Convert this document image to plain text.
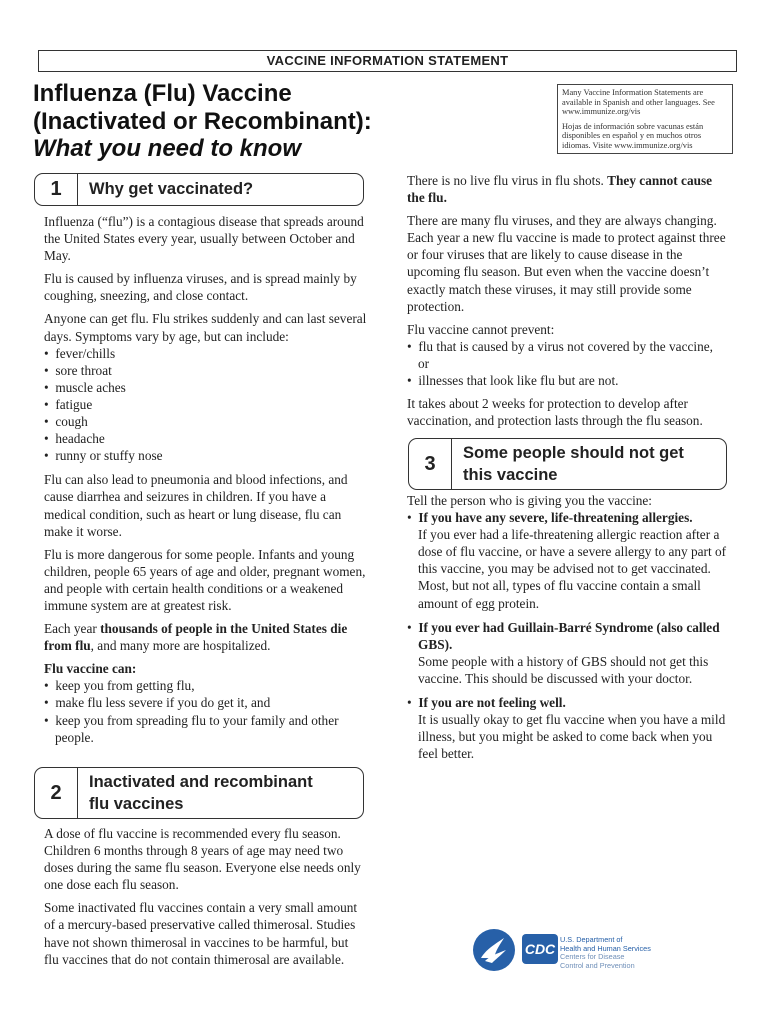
VACCINE INFORMATION STATEMENT
Influenza (Flu) Vaccine
(Inactivated or Recombinant):
What you need to know

Many Vaccine Information Statements are available in Spanish and other languages. See www.immunize.org/vis

Hojas de información sobre vacunas están disponibles en español y en muchos otros idiomas. Visite www.immunize.org/vis

1	Why get vaccinated?

Influenza (“flu”) is a contagious disease that spreads around the United States every year, usually between October and May.

Flu is caused by influenza viruses, and is spread mainly by coughing, sneezing, and close contact.

Anyone can get flu. Flu strikes suddenly and can last several days. Symptoms vary by age, but can include:

•  fever/chills
•  sore throat
•  muscle aches
•  fatigue
•  cough
•  headache
•  runny or stuffy nose

Flu can also lead to pneumonia and blood infections, and cause diarrhea and seizures in children. If you have a medical condition, such as heart or lung disease, flu can make it worse.

Flu is more dangerous for some people. Infants and young children, people 65 years of age and older, pregnant women, and people with certain health conditions or a weakened immune system are at greatest risk.

Each year thousands of people in the United States die from flu, and many more are hospitalized.

Flu vaccine can:

•  keep you from getting flu,
•  make flu less severe if you do get it, and
•  keep you from spreading flu to your family and other people.
2	Inactivated and recombinant
flu vaccines

A dose of flu vaccine is recommended every flu season. Children 6 months through 8 years of age may need two doses during the same flu season. Everyone else needs only one dose each flu season.

Some inactivated flu vaccines contain a very small amount of a mercury-based preservative called thimerosal. Studies have not shown thimerosal in vaccines to be harmful, but flu vaccines that do not contain thimerosal are available.

There is no live flu virus in flu shots. They cannot cause the flu.

There are many flu viruses, and they are always changing. Each year a new flu vaccine is made to protect against three or four viruses that are likely to cause disease in the upcoming flu season. But even when the vaccine doesn’t exactly match these viruses, it may still provide some protection.

Flu vaccine cannot prevent:

•  flu that is caused by a virus not covered by the vaccine,
or
•  illnesses that look like flu but are not.

It takes about 2 weeks for protection to develop after vaccination, and protection lasts through the flu season.

3	Some people should not get
this vaccine

Tell the person who is giving you the vaccine:

•  If you have any severe, life-threatening allergies.
If you ever had a life-threatening allergic reaction after a dose of flu vaccine, or have a severe allergy to any part of this vaccine, you may be advised not to get vaccinated. Most, but not all, types of flu vaccine contain a small amount of egg protein.
•  If you ever had Guillain-Barré Syndrome (also called GBS).
Some people with a history of GBS should not get this vaccine. This should be discussed with your doctor.
•  If you are not feeling well.
It is usually okay to get flu vaccine when you have a mild illness, but you might be asked to come back when you feel better.
CDC
U.S. Department of
Health and Human Services
Centers for Disease
Control and Prevention
